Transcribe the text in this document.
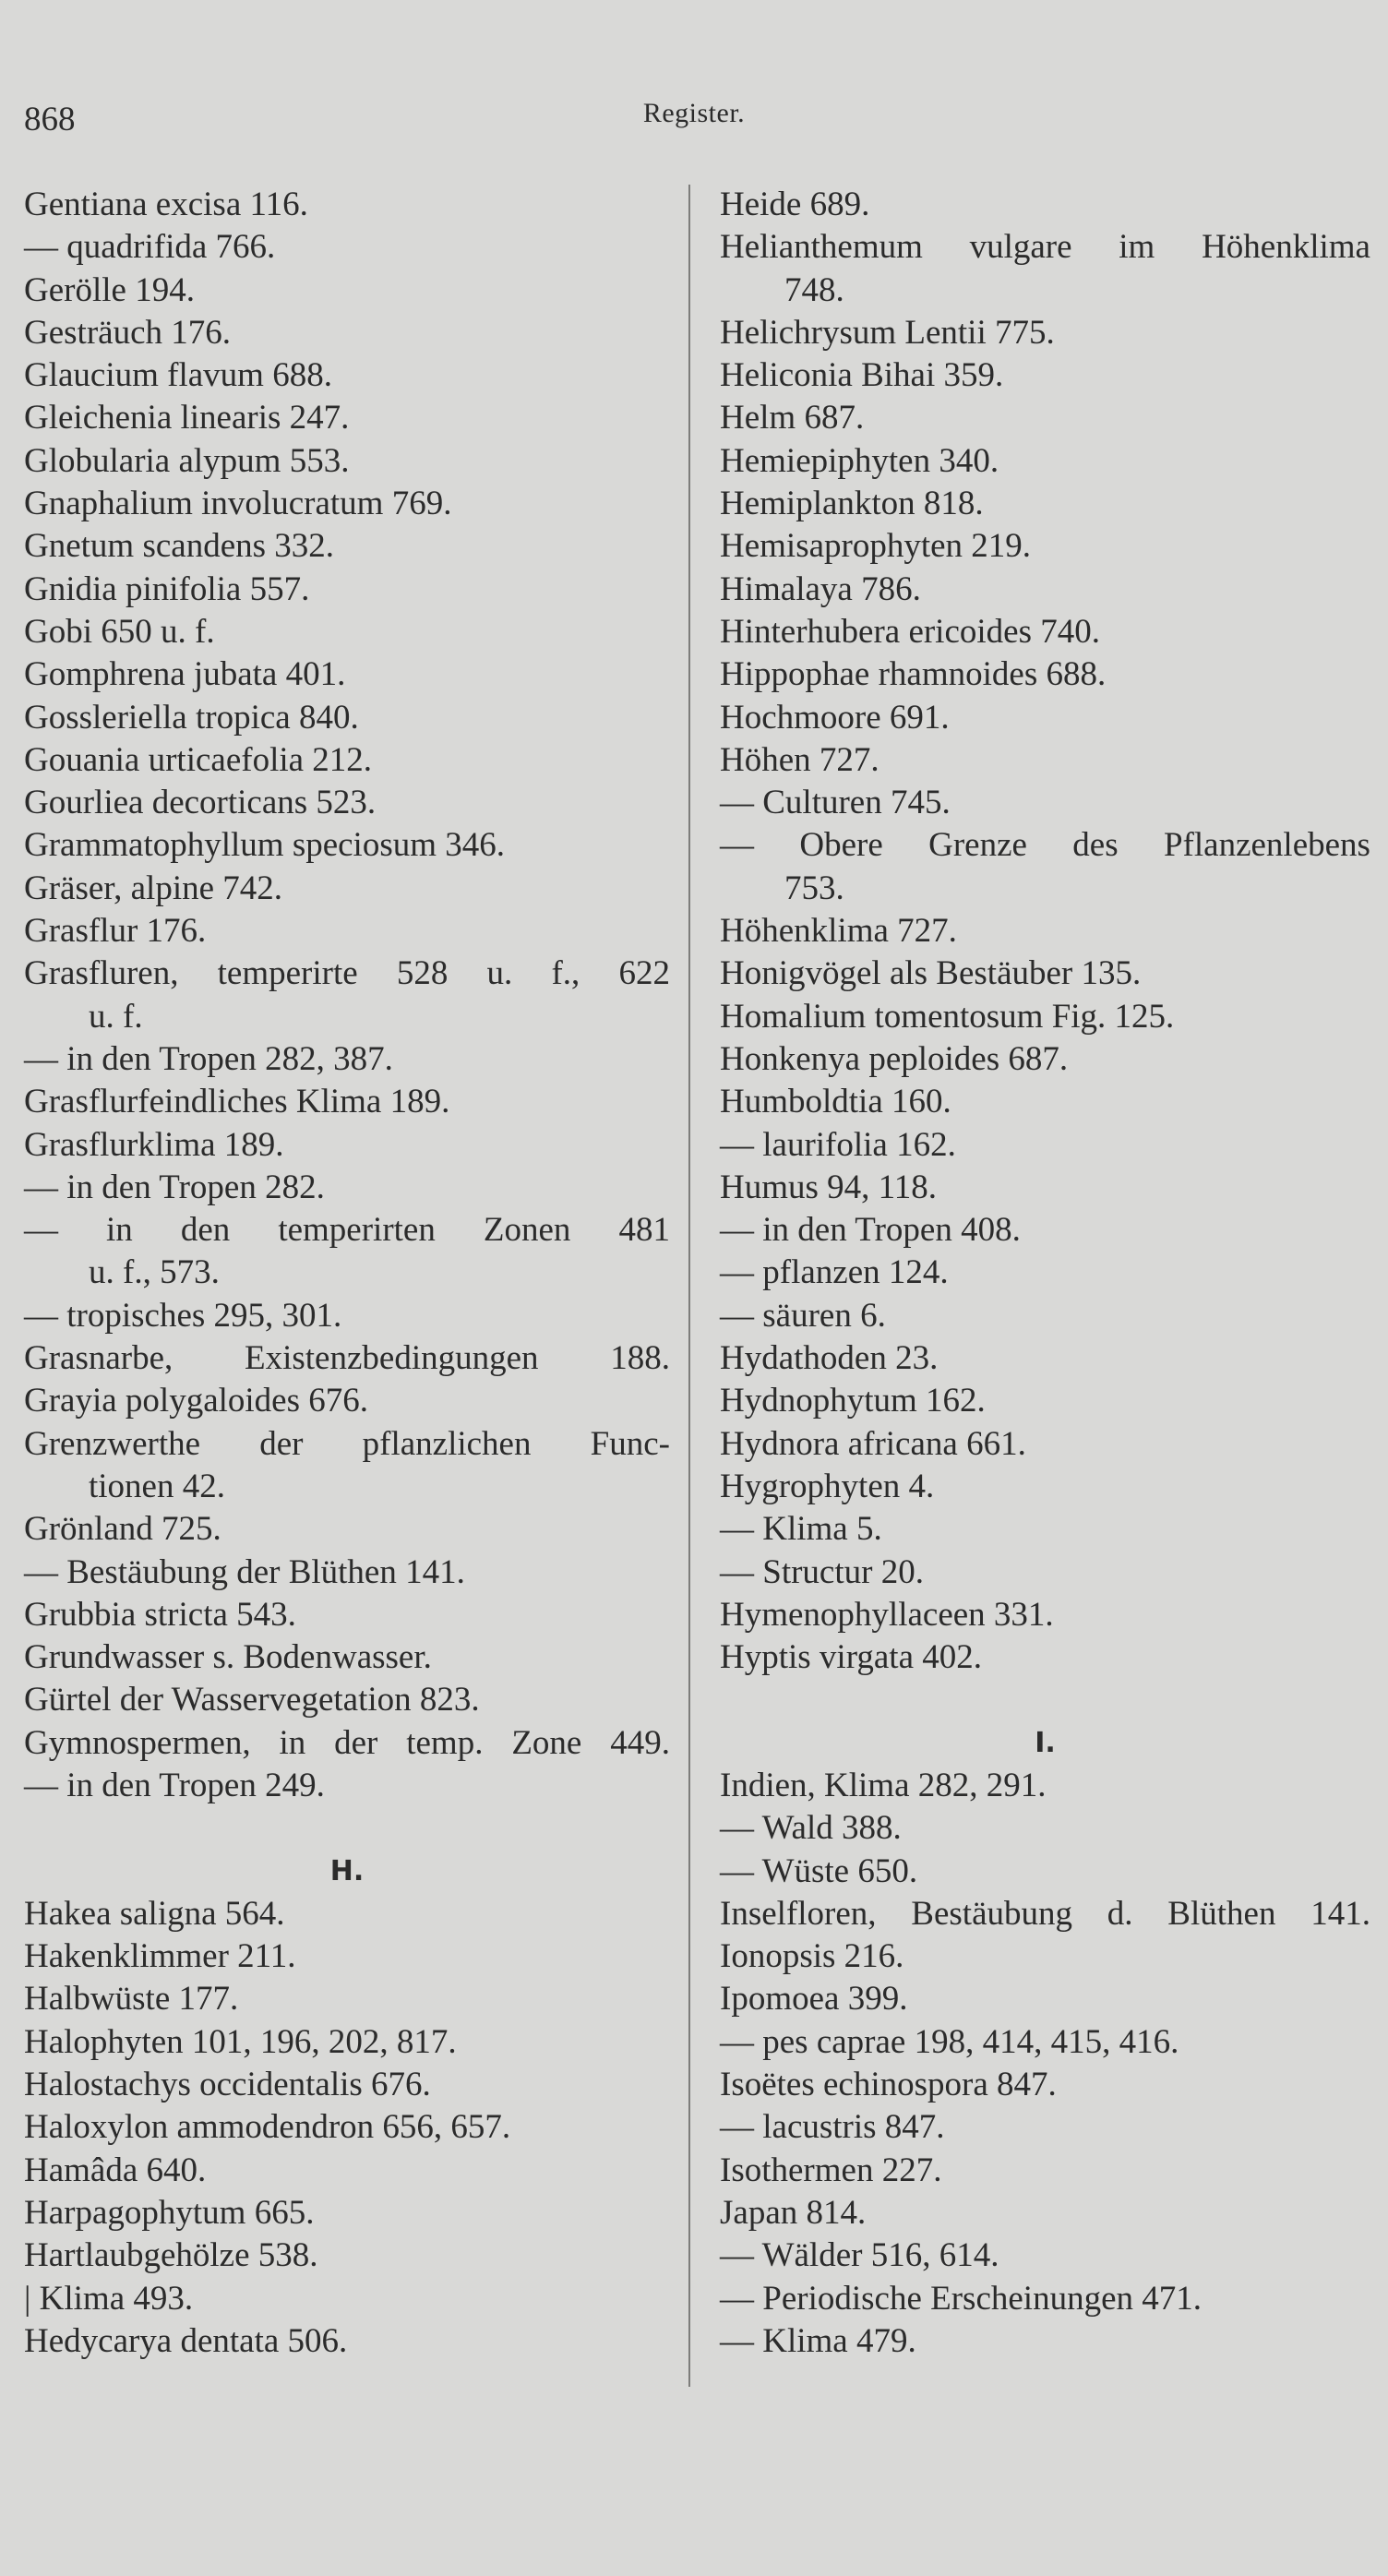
868	Register.
Gentiana excisa 116.
— quadrifida 766.
Gerölle 194.
Gesträuch 176.
Glaucium flavum 688.
Gleichenia linearis 247.
Globularia alypum 553.
Gnaphalium involucratum 769.
Gnetum scandens 332.
Gnidia pinifolia 557.
Gobi 650 u. f.
Gomphrena jubata 401.
Gossleriella tropica 840.
Gouania urticaefolia 212.
Gourliea decorticans 523.
Grammatophyllum speciosum 346.
Gräser, alpine 742.
Grasflur 176.
Grasfluren, temperirte 528 u. f., 622
u. f.
— in den Tropen 282, 387.
Grasflurfeindliches Klima 189.
Grasflurklima 189.
— in den Tropen 282.
— in den temperirten Zonen 481
u. f., 573.
— tropisches 295, 301.
Grasnarbe, Existenzbedingungen 188.
Grayia polygaloides 676.
Grenzwerthe der pflanzlichen Func-
tionen 42.
Grönland 725.
— Bestäubung der Blüthen 141.
Grubbia stricta 543.
Grundwasser s. Bodenwasser.
Gürtel der Wasservegetation 823.
Gymnospermen, in der temp. Zone 449.
— in den Tropen 249.
H.
Hakea saligna 564.
Hakenklimmer 211.
Halbwüste 177.
Halophyten 101, 196, 202, 817.
Halostachys occidentalis 676.
Haloxylon ammodendron 656, 657.
Hamâda 640.
Harpagophytum 665.
Hartlaubgehölze 538.
| Klima 493.
Hedycarya dentata 506.
Heide 689.
Helianthemum vulgare im Höhenklima
748.
Helichrysum Lentii 775.
Heliconia Bihai 359.
Helm 687.
Hemiepiphyten 340.
Hemiplankton 818.
Hemisaprophyten 219.
Himalaya 786.
Hinterhubera ericoides 740.
Hippophae rhamnoides 688.
Hochmoore 691.
Höhen 727.
— Culturen 745.
— Obere Grenze des Pflanzenlebens
753.
Höhenklima 727.
Honigvögel als Bestäuber 135.
Homalium tomentosum Fig. 125.
Honkenya peploides 687.
Humboldtia 160.
— laurifolia 162.
Humus 94, 118.
— in den Tropen 408.
— pflanzen 124.
— säuren 6.
Hydathoden 23.
Hydnophytum 162.
Hydnora africana 661.
Hygrophyten 4.
— Klima 5.
— Structur 20.
Hymenophyllaceen 331.
Hyptis virgata 402.
I.
Indien, Klima 282, 291.
— Wald 388.
— Wüste 650.
Inselfloren, Bestäubung d. Blüthen 141.
Ionopsis 216.
Ipomoea 399.
— pes caprae 198, 414, 415, 416.
Isoëtes echinospora 847.
— lacustris 847.
Isothermen 227.
Japan 814.
— Wälder 516, 614.
— Periodische Erscheinungen 471.
— Klima 479.
